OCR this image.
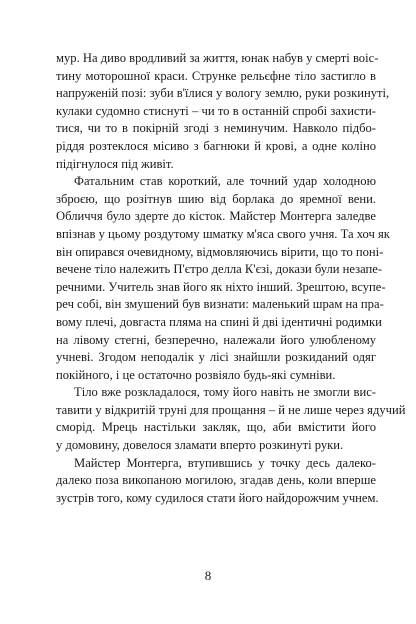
мур. На диво вродливий за життя, юнак набув у смерті воіс-
тину моторошної краси. Струнке рельєфне тіло застигло в
напруженій позі: зуби в'їлися у вологу землю, руки розкинуті,
кулаки судомно стиснуті – чи то в останній спробі захисти-
тися, чи то в покірній згоді з неминучим. Навколо підбо-
ріддя розтеклося місиво з багнюки й крові, а одне коліно
підігнулося під живіт.
Фатальним став короткий, але точний удар холодною
зброєю, що розітнув шию від борлака до яремної вени.
Обличчя було здерте до кісток. Майстер Монтерга заледве
впізнав у цьому роздутому шматку м'яса свого учня. Та хоч як
він опирався очевидному, відмовляючись вірити, що то поні-
вечене тіло належить П'єтро делла К'єзі, докази були незапе-
речними. Учитель знав його як ніхто інший. Зрештою, всупе-
реч собі, він змушений був визнати: маленький шрам на пра-
вому плечі, довгаста пляма на спині й дві ідентичні родимки
на лівому стегні, безперечно, належали його улюбленому
учневі. Згодом неподалік у лісі знайшли розкиданий одяг
покійного, і це остаточно розвіяло будь-які сумніви.
Тіло вже розкладалося, тому його навіть не змогли вис-
тавити у відкритій труні для прощання – й не лише через ядучий
сморід. Мрець настільки закляк, що, аби вмістити його
у домовину, довелося зламати вперто розкинуті руки.
Майстер Монтерга, втупившись у точку десь далеко-
далеко поза викопаною могилою, згадав день, коли вперше
зустрів того, кому судилося стати його найдорожчим учнем.
8
